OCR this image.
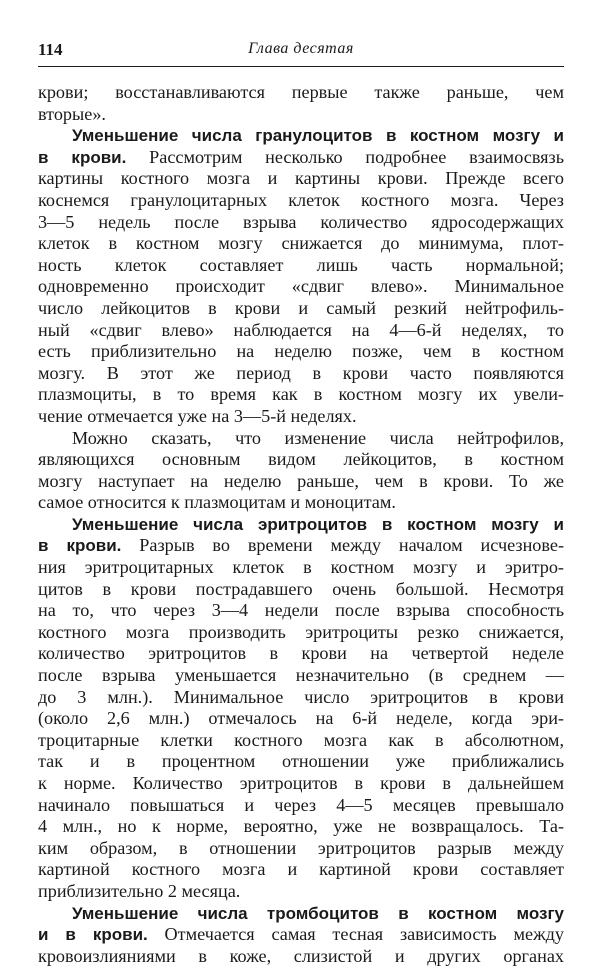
114	Глава десятая
крови; восстанавливаются первые также раньше, чем
вторые».
Уменьшение числа гранулоцитов в костном мозгу и
в крови. Рассмотрим несколько подробнее взаимосвязь
картины костного мозга и картины крови. Прежде всего
коснемся гранулоцитарных клеток костного мозга. Через
3—5 недель после взрыва количество ядросодержащих
клеток в костном мозгу снижается до минимума, плот-
ность клеток составляет лишь часть нормальной;
одновременно происходит «сдвиг влево». Минимальное
число лейкоцитов в крови и самый резкий нейтрофиль-
ный «сдвиг влево» наблюдается на 4—6-й неделях, то
есть приблизительно на неделю позже, чем в костном
мозгу. В этот же период в крови часто появляются
плазмоциты, в то время как в костном мозгу их увели-
чение отмечается уже на 3—5-й неделях.
Можно сказать, что изменение числа нейтрофилов,
являющихся основным видом лейкоцитов, в костном
мозгу наступает на неделю раньше, чем в крови. То же
самое относится к плазмоцитам и моноцитам.
Уменьшение числа эритроцитов в костном мозгу и
в крови. Разрыв во времени между началом исчезнове-
ния эритроцитарных клеток в костном мозгу и эритро-
цитов в крови пострадавшего очень большой. Несмотря
на то, что через 3—4 недели после взрыва способность
костного мозга производить эритроциты резко снижается,
количество эритроцитов в крови на четвертой неделе
после взрыва уменьшается незначительно (в среднем —
до 3 млн.). Минимальное число эритроцитов в крови
(около 2,6 млн.) отмечалось на 6-й неделе, когда эри-
троцитарные клетки костного мозга как в абсолютном,
так и в процентном отношении уже приближались
к норме. Количество эритроцитов в крови в дальнейшем
начинало повышаться и через 4—5 месяцев превышало
4 млн., но к норме, вероятно, уже не возвращалось. Та-
ким образом, в отношении эритроцитов разрыв между
картиной костного мозга и картиной крови составляет
приблизительно 2 месяца.
Уменьшение числа тромбоцитов в костном мозгу
и в крови. Отмечается самая тесная зависимость между
кровоизлияниями в коже, слизистой и других органах
